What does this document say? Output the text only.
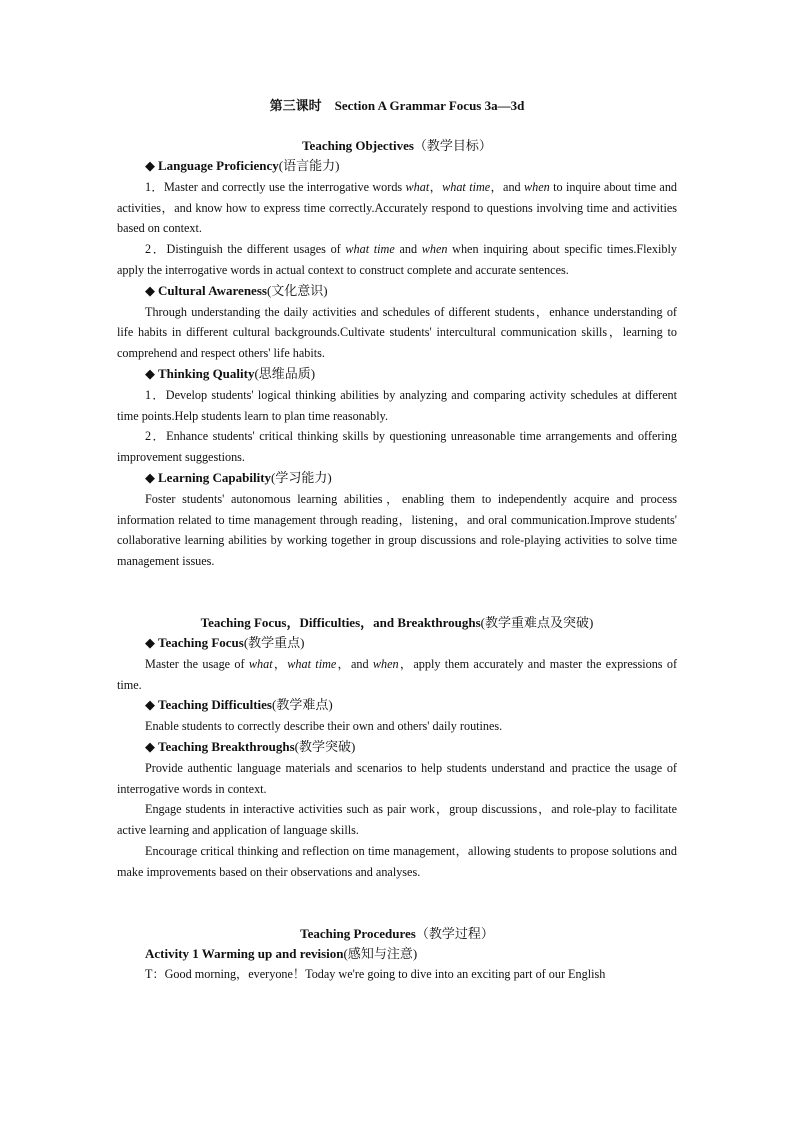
第三课时　Section A Grammar Focus 3a—3d
Teaching Objectives（教学目标）
◆ Language Proficiency(语言能力)

1．Master and correctly use the interrogative words what，what time，and when to inquire about time and activities，and know how to express time correctly.Accurately respond to questions involving time and activities based on context.

2．Distinguish the different usages of what time and when when inquiring about specific times.Flexibly apply the interrogative words in actual context to construct complete and accurate sentences.

◆ Cultural Awareness(文化意识)

Through understanding the daily activities and schedules of different students，enhance understanding of life habits in different cultural backgrounds.Cultivate students' intercultural communication skills，learning to comprehend and respect others' life habits.

◆ Thinking Quality(思维品质)

1．Develop students' logical thinking abilities by analyzing and comparing activity schedules at different time points.Help students learn to plan time reasonably.

2．Enhance students' critical thinking skills by questioning unreasonable time arrangements and offering improvement suggestions.

◆ Learning Capability(学习能力)

Foster students' autonomous learning abilities，enabling them to independently acquire and process information related to time management through reading，listening，and oral communication.Improve students' collaborative learning abilities by working together in group discussions and role-playing activities to solve time management issues.

Teaching Focus，Difficulties，and Breakthroughs(教学重难点及突破)
◆ Teaching Focus(教学重点)

Master the usage of what，what time，and when，apply them accurately and master the expressions of time.

◆ Teaching Difficulties(教学难点)

Enable students to correctly describe their own and others' daily routines.

◆ Teaching Breakthroughs(教学突破)

Provide authentic language materials and scenarios to help students understand and practice the usage of interrogative words in context.

Engage students in interactive activities such as pair work，group discussions，and role-play to facilitate active learning and application of language skills.

Encourage critical thinking and reflection on time management，allowing students to propose solutions and make improvements based on their observations and analyses.

Teaching Procedures（教学过程）
Activity 1 Warming up and revision(感知与注意)

T：Good morning，everyone！Today we're going to dive into an exciting part of our English
